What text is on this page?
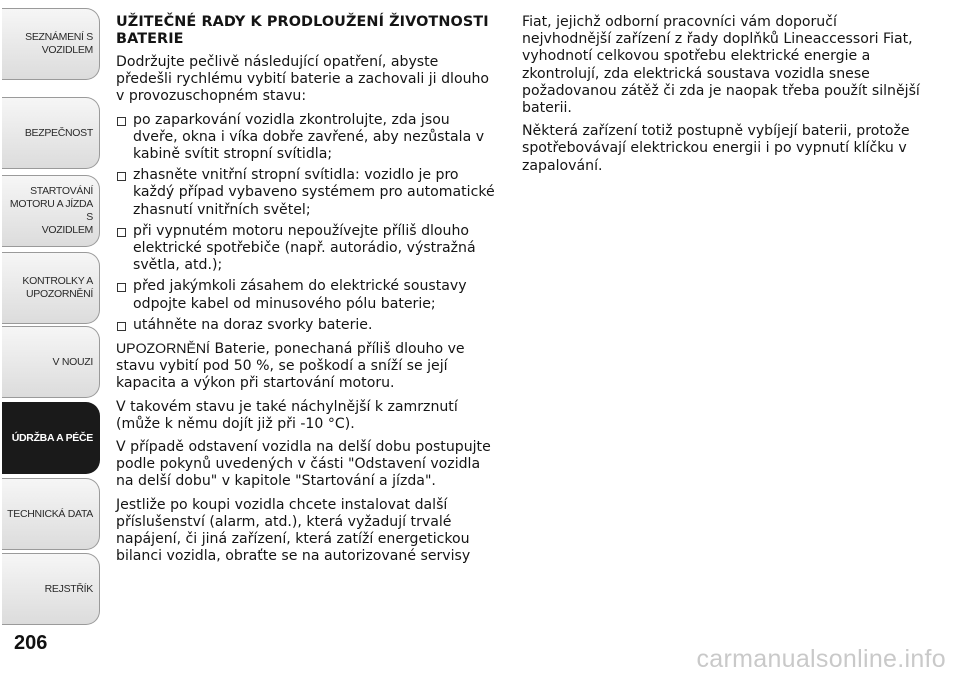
SEZNÁMENÍ S
VOZIDLEM
BEZPEČNOST
STARTOVÁNÍ
MOTORU A JÍZDA S
VOZIDLEM
KONTROLKY A
UPOZORNĚNÍ
V NOUZI
ÚDRŽBA A PÉČE
TECHNICKÁ DATA
REJSTŘÍK
206
UŽITEČNÉ RADY K PRODLOUŽENÍ ŽIVOTNOSTI BATERIE

Dodržujte pečlivě následující opatření, abyste předešli rychlému vybití baterie a zachovali ji dlouho v provozuschopném stavu:

po zaparkování vozidla zkontrolujte, zda jsou dveře, okna i víka dobře zavřené, aby nezůstala v kabině svítit stropní svítidla;
zhasněte vnitřní stropní svítidla: vozidlo je pro každý případ vybaveno systémem pro automatické zhasnutí vnitřních světel;
při vypnutém motoru nepoužívejte příliš dlouho elektrické spotřebiče (např. autorádio, výstražná světla, atd.);
před jakýmkoli zásahem do elektrické soustavy odpojte kabel od minusového pólu baterie;
utáhněte na doraz svorky baterie.

UPOZORNĚNÍ Baterie, ponechaná příliš dlouho ve stavu vybití pod 50 %, se poškodí a sníží se její kapacita a výkon při startování motoru.

V takovém stavu je také náchylnější k zamrznutí (může k němu dojít již při -10 °C).

V případě odstavení vozidla na delší dobu postupujte podle pokynů uvedených v části "Odstavení vozidla na delší dobu" v kapitole "Startování a jízda".

Jestliže po koupi vozidla chcete instalovat další příslušenství (alarm, atd.), která vyžadují trvalé napájení, či jiná zařízení, která zatíží energetickou bilanci vozidla, obraťte se na autorizované servisy

Fiat, jejichž odborní pracovníci vám doporučí nejvhodnější zařízení z řady doplňků Lineaccessori Fiat, vyhodnotí celkovou spotřebu elektrické energie a zkontrolují, zda elektrická soustava vozidla snese požadovanou zátěž či zda je naopak třeba použít silnější baterii.

Některá zařízení totiž postupně vybíjejí baterii, protože spotřebovávají elektrickou energii i po vypnutí klíčku v zapalování.

carmanualsonline.info
